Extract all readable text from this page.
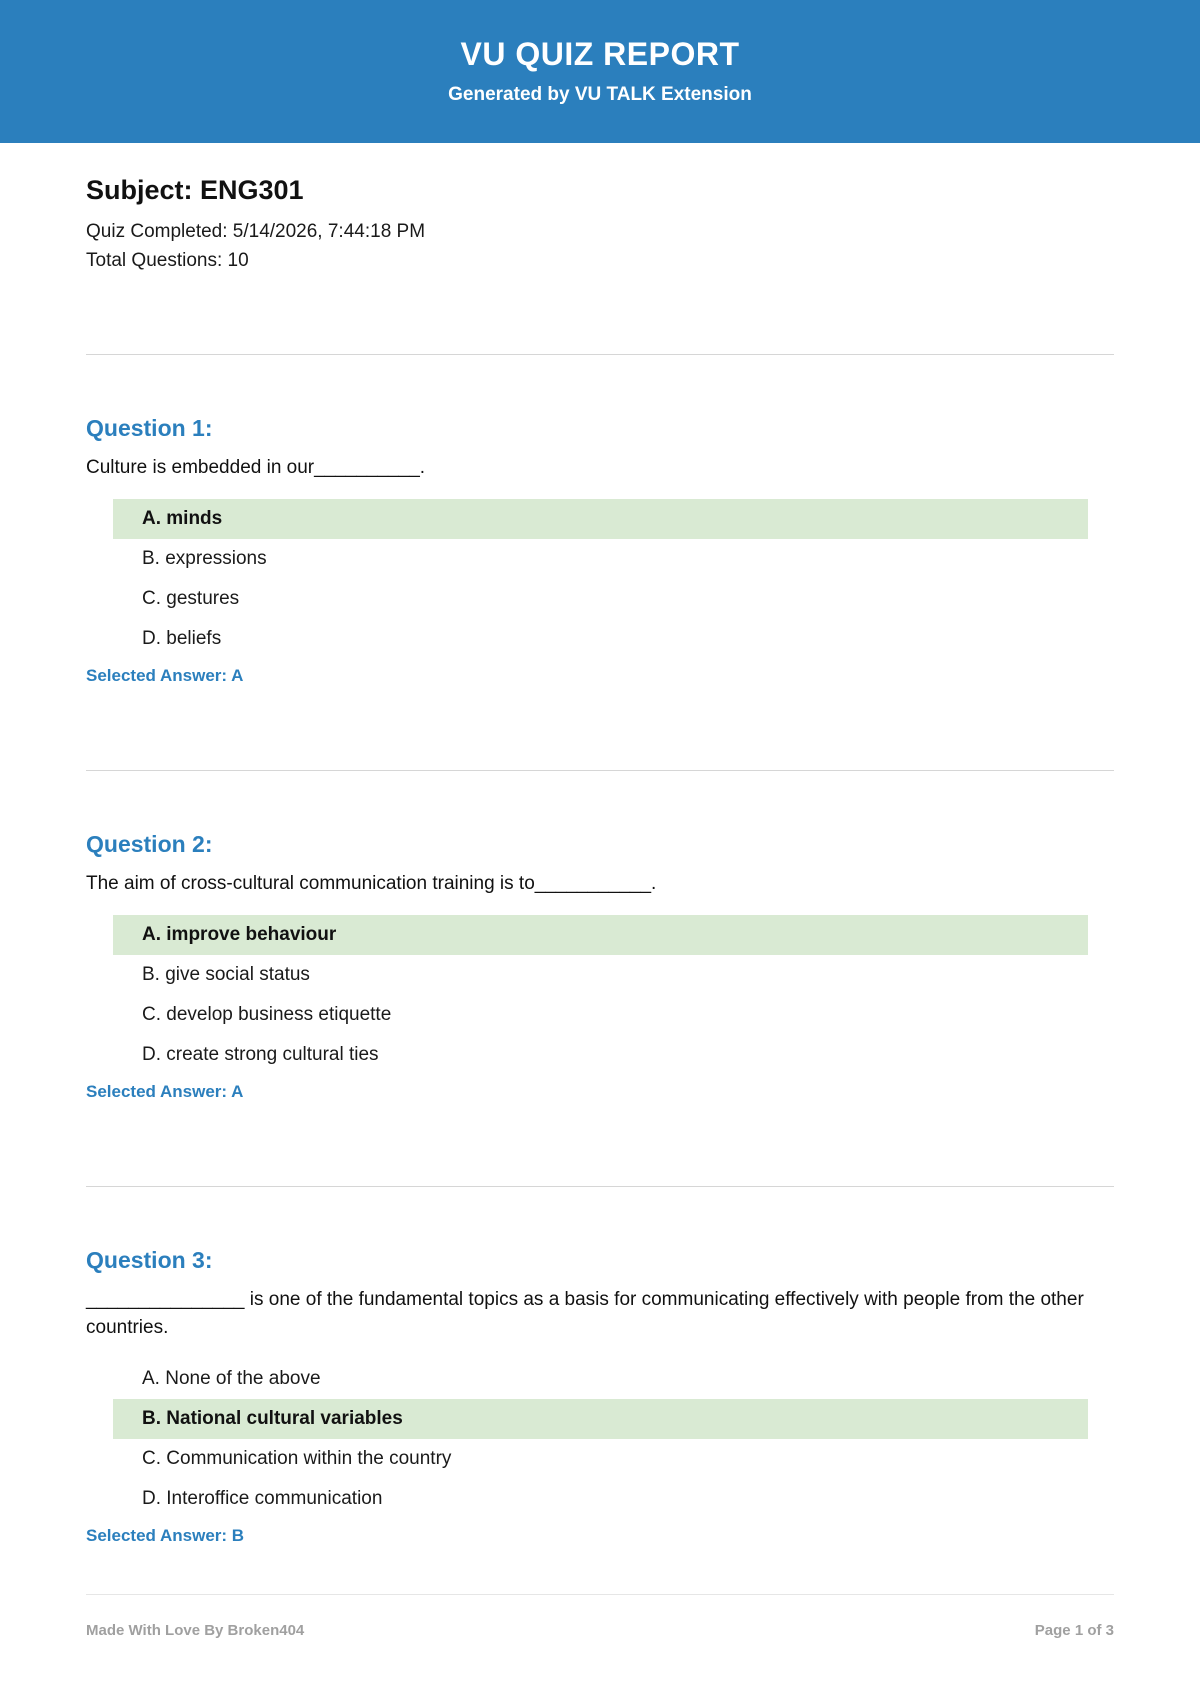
VU QUIZ REPORT
Generated by VU TALK Extension
Subject: ENG301
Quiz Completed: 5/14/2026, 7:44:18 PM
Total Questions: 10
Question 1:
Culture is embedded in our__________.
A. minds
B. expressions
C. gestures
D. beliefs
Selected Answer: A
Question 2:
The aim of cross-cultural communication training is to___________.
A. improve behaviour
B. give social status
C. develop business etiquette
D. create strong cultural ties
Selected Answer: A
Question 3:
_______________ is one of the fundamental topics as a basis for communicating effectively with people from the other countries.
A. None of the above
B. National cultural variables
C. Communication within the country
D. Interoffice communication
Selected Answer: B
Made With Love By Broken404	Page 1 of 3
